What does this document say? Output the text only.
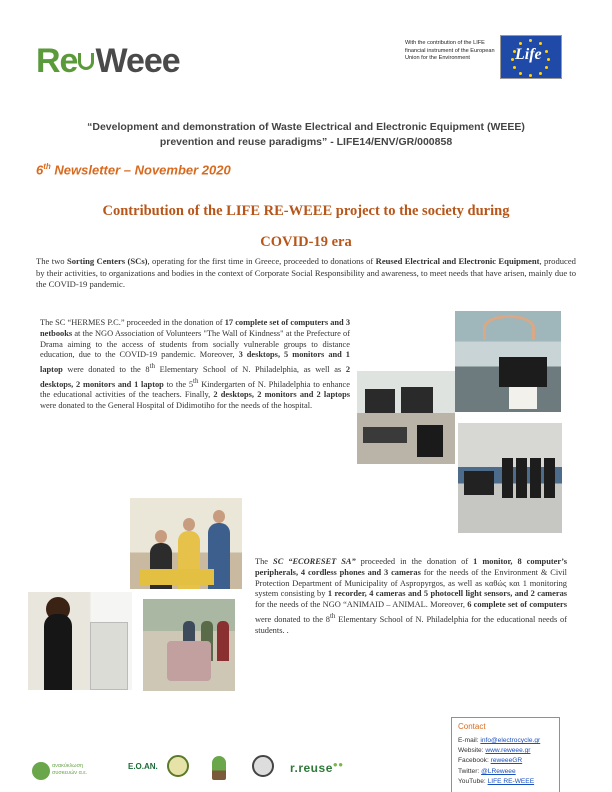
Re Weee	With the contribution of the LIFE financial instrument of the European Union for the Environment	Life
“Development and demonstration of Waste Electrical and Electronic Equipment (WEEE)
prevention and reuse paradigms” - LIFE14/ENV/GR/000858
6th Newsletter – November 2020
Contribution of the LIFE RE-WEEE project to the society during
COVID-19 era
The two Sorting Centers (SCs), operating for the first time in Greece, proceeded to donations of Reused Electrical and Electronic Equipment, produced by their activities, to organizations and bodies in the context of Corporate Social Responsibility and awareness, to meet needs that have arisen, mainly due to the COVID-19 pandemic.
The SC “HERMES P.C.” proceeded in the donation of 17 complete set of computers and 3 netbooks at the NGO Association of Volunteers "The Wall of Kindness" at the Prefecture of Drama aiming to the access of students from socially vulnerable groups to distance education, due to the COVID-19 pandemic. Moreover, 3 desktops, 5 monitors and 1 laptop were donated to the 8th Elementary School of N. Philadelphia, as well as 2 desktops, 2 monitors and 1 laptop to the 5th Kindergarten of N. Philadelphia to enhance the educational activities of the teachers. Finally, 2 desktops, 2 monitors and 2 laptops were donated to the General Hospital of Didimotiho for the needs of the hospital.
The SC “ECORESET SA” proceeded in the donation of 1 monitor, 8 computer’s peripherals, 4 cordless phones and 3 cameras for the needs of the Environment & Civil Protection Department of Municipality of Aspropyrgos, as well as καθώς και 1 monitoring system consisting by 1 recorder, 4 cameras and 5 photocell light sensors, and 2 cameras for the needs of the NGO “ANIMAID – ANIMAL. Moreover, 6 complete set of computers were donated to the 8th Elementary School of N. Philadelphia for the educational needs of students. .
Contact
E-mail: info@electrocycle.gr
Website: www.reweee.gr
Facebook: reweeeGR
Twitter: @LReweee
YouTube: LIFE RE-WEEE
ανακύκλωση
συσκευών α.ε.
Ε.Ο.ΑΝ.	r.reuse●●
